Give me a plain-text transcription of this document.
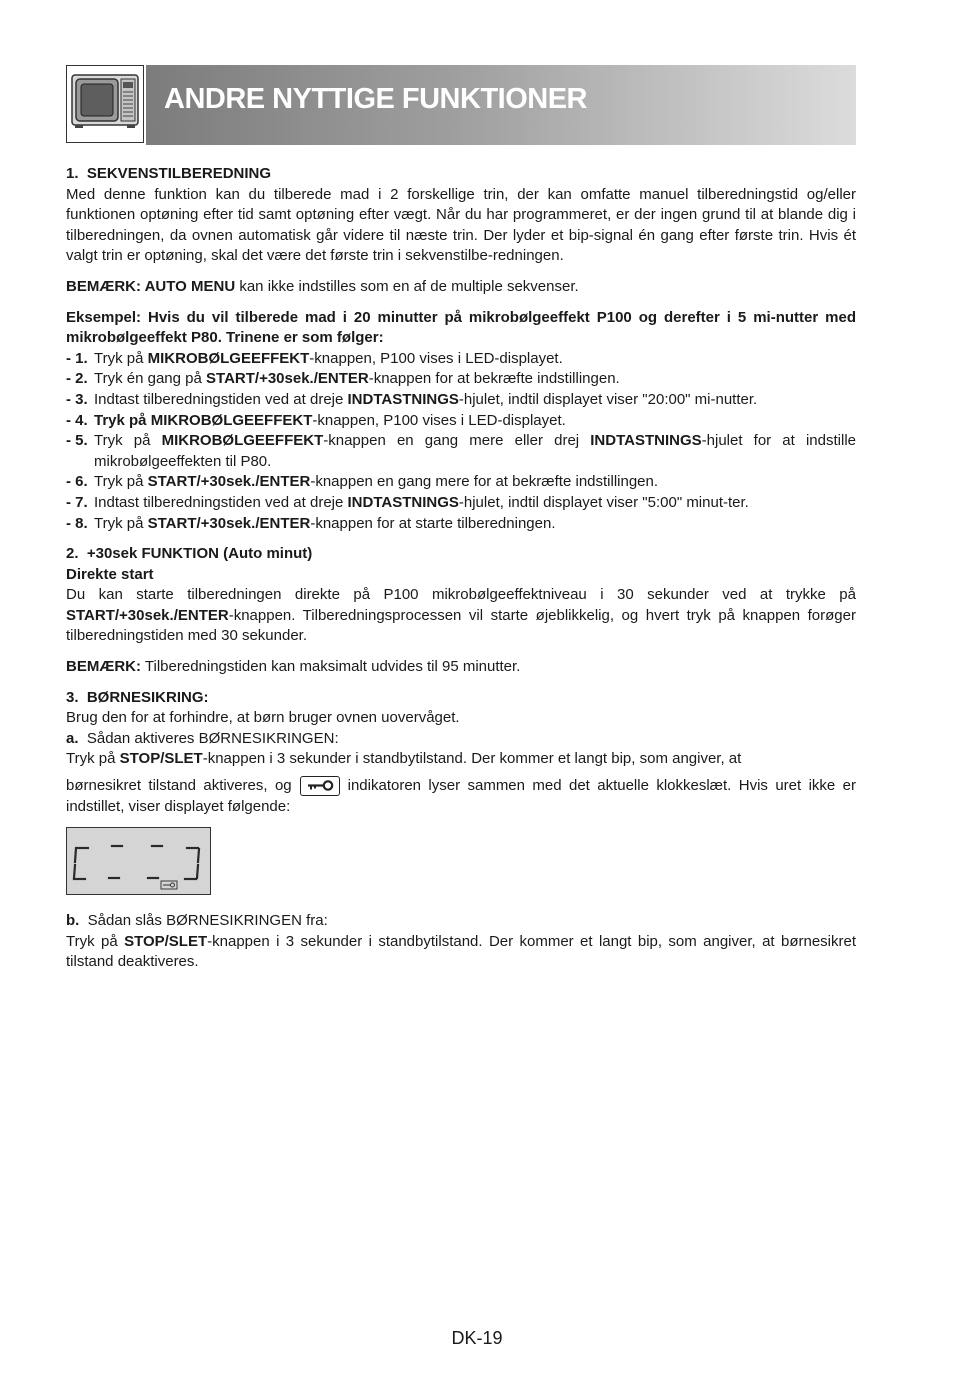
ANDRE NYTTIGE FUNKTIONER

1.  SEKVENSTILBEREDNING

Med denne funktion kan du tilberede mad i 2 forskellige trin, der kan omfatte manuel tilberedningstid og/eller funktionen optøning efter tid samt optøning efter vægt. Når du har programmeret, er der ingen grund til at blande dig i tilberedningen, da ovnen automatisk går videre til næste trin. Der lyder et bip-signal én gang efter første trin. Hvis ét valgt trin er optøning, skal det være det første trin i sekvenstilbe-redningen.

BEMÆRK: AUTO MENU kan ikke indstilles som en af de multiple sekvenser.

Eksempel: Hvis du vil tilberede mad i 20 minutter på mikrobølgeeffekt P100 og derefter i 5 mi-nutter med mikrobølgeeffekt P80. Trinene er som følger:

- 1. Tryk på MIKROBØLGEEFFEKT-knappen, P100 vises i LED-displayet.
- 2. Tryk én gang på START/+30sek./ENTER-knappen for at bekræfte indstillingen.
- 3. Indtast tilberedningstiden ved at dreje INDTASTNINGS-hjulet, indtil displayet viser "20:00" mi-nutter.
- 4. Tryk på MIKROBØLGEEFFEKT-knappen, P100 vises i LED-displayet.
- 5. Tryk på MIKROBØLGEEFFEKT-knappen en gang mere eller drej INDTASTNINGS-hjulet for at indstille mikrobølgeeffekten til P80.
- 6. Tryk på START/+30sek./ENTER-knappen en gang mere for at bekræfte indstillingen.
- 7. Indtast tilberedningstiden ved at dreje INDTASTNINGS-hjulet, indtil displayet viser "5:00" minut-ter.
- 8. Tryk på START/+30sek./ENTER-knappen for at starte tilberedningen.

2.  +30sek FUNKTION (Auto minut)

Direkte start

Du kan starte tilberedningen direkte på P100 mikrobølgeeffektniveau i 30 sekunder ved at trykke på START/+30sek./ENTER-knappen. Tilberedningsprocessen vil starte øjeblikkelig, og hvert tryk på knappen forøger tilberedningstiden med 30 sekunder.

BEMÆRK: Tilberedningstiden kan maksimalt udvides til 95 minutter.

3.  BØRNESIKRING:

Brug den for at forhindre, at børn bruger ovnen uovervåget.

a.  Sådan aktiveres BØRNESIKRINGEN:

Tryk på STOP/SLET-knappen i 3 sekunder i standbytilstand. Der kommer et langt bip, som angiver, at

børnesikret tilstand aktiveres, og	indikatoren lyser sammen med det aktuelle klokkeslæt. Hvis uret ikke er indstillet, viser displayet følgende:

b.  Sådan slås BØRNESIKRINGEN fra:

Tryk på STOP/SLET-knappen i 3 sekunder i standbytilstand. Der kommer et langt bip, som angiver, at børnesikret tilstand deaktiveres.

DK-19
